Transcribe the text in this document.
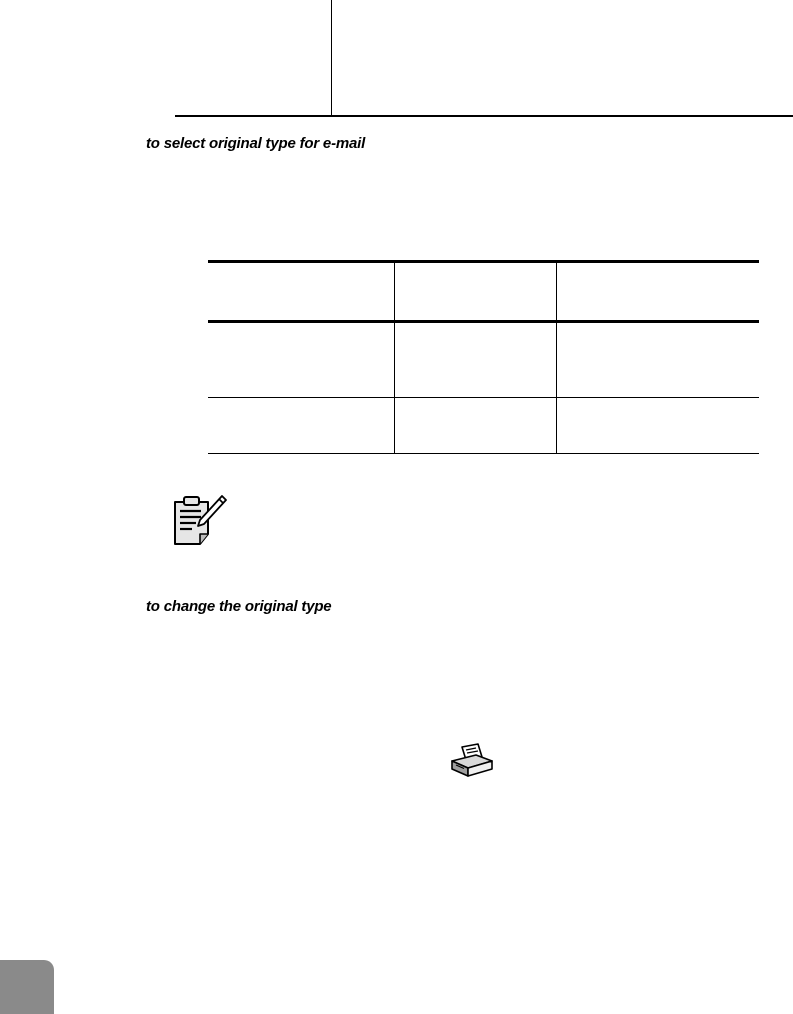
to select original type for e-mail
to change the original type
